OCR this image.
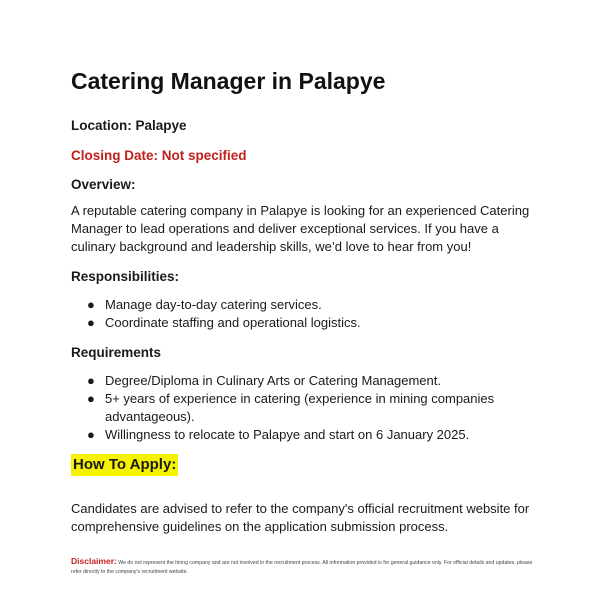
Catering Manager in Palapye
Location: Palapye
Closing Date: Not specified
Overview:
A reputable catering company in Palapye is looking for an experienced Catering Manager to lead operations and deliver exceptional services. If you have a culinary background and leadership skills, we’d love to hear from you!
Responsibilities:
● Manage day-to-day catering services.
● Coordinate staffing and operational logistics.
Requirements
● Degree/Diploma in Culinary Arts or Catering Management.
● 5+ years of experience in catering (experience in mining companies advantageous).
● Willingness to relocate to Palapye and start on 6 January 2025.
How To Apply:
Candidates are advised to refer to the company's official recruitment website for comprehensive guidelines on the application submission process.
Disclaimer: We do not represent the hiring company and are not involved in the recruitment process. All information provided is for general guidance only. For official details and updates, please refer directly to the company's recruitment website.
